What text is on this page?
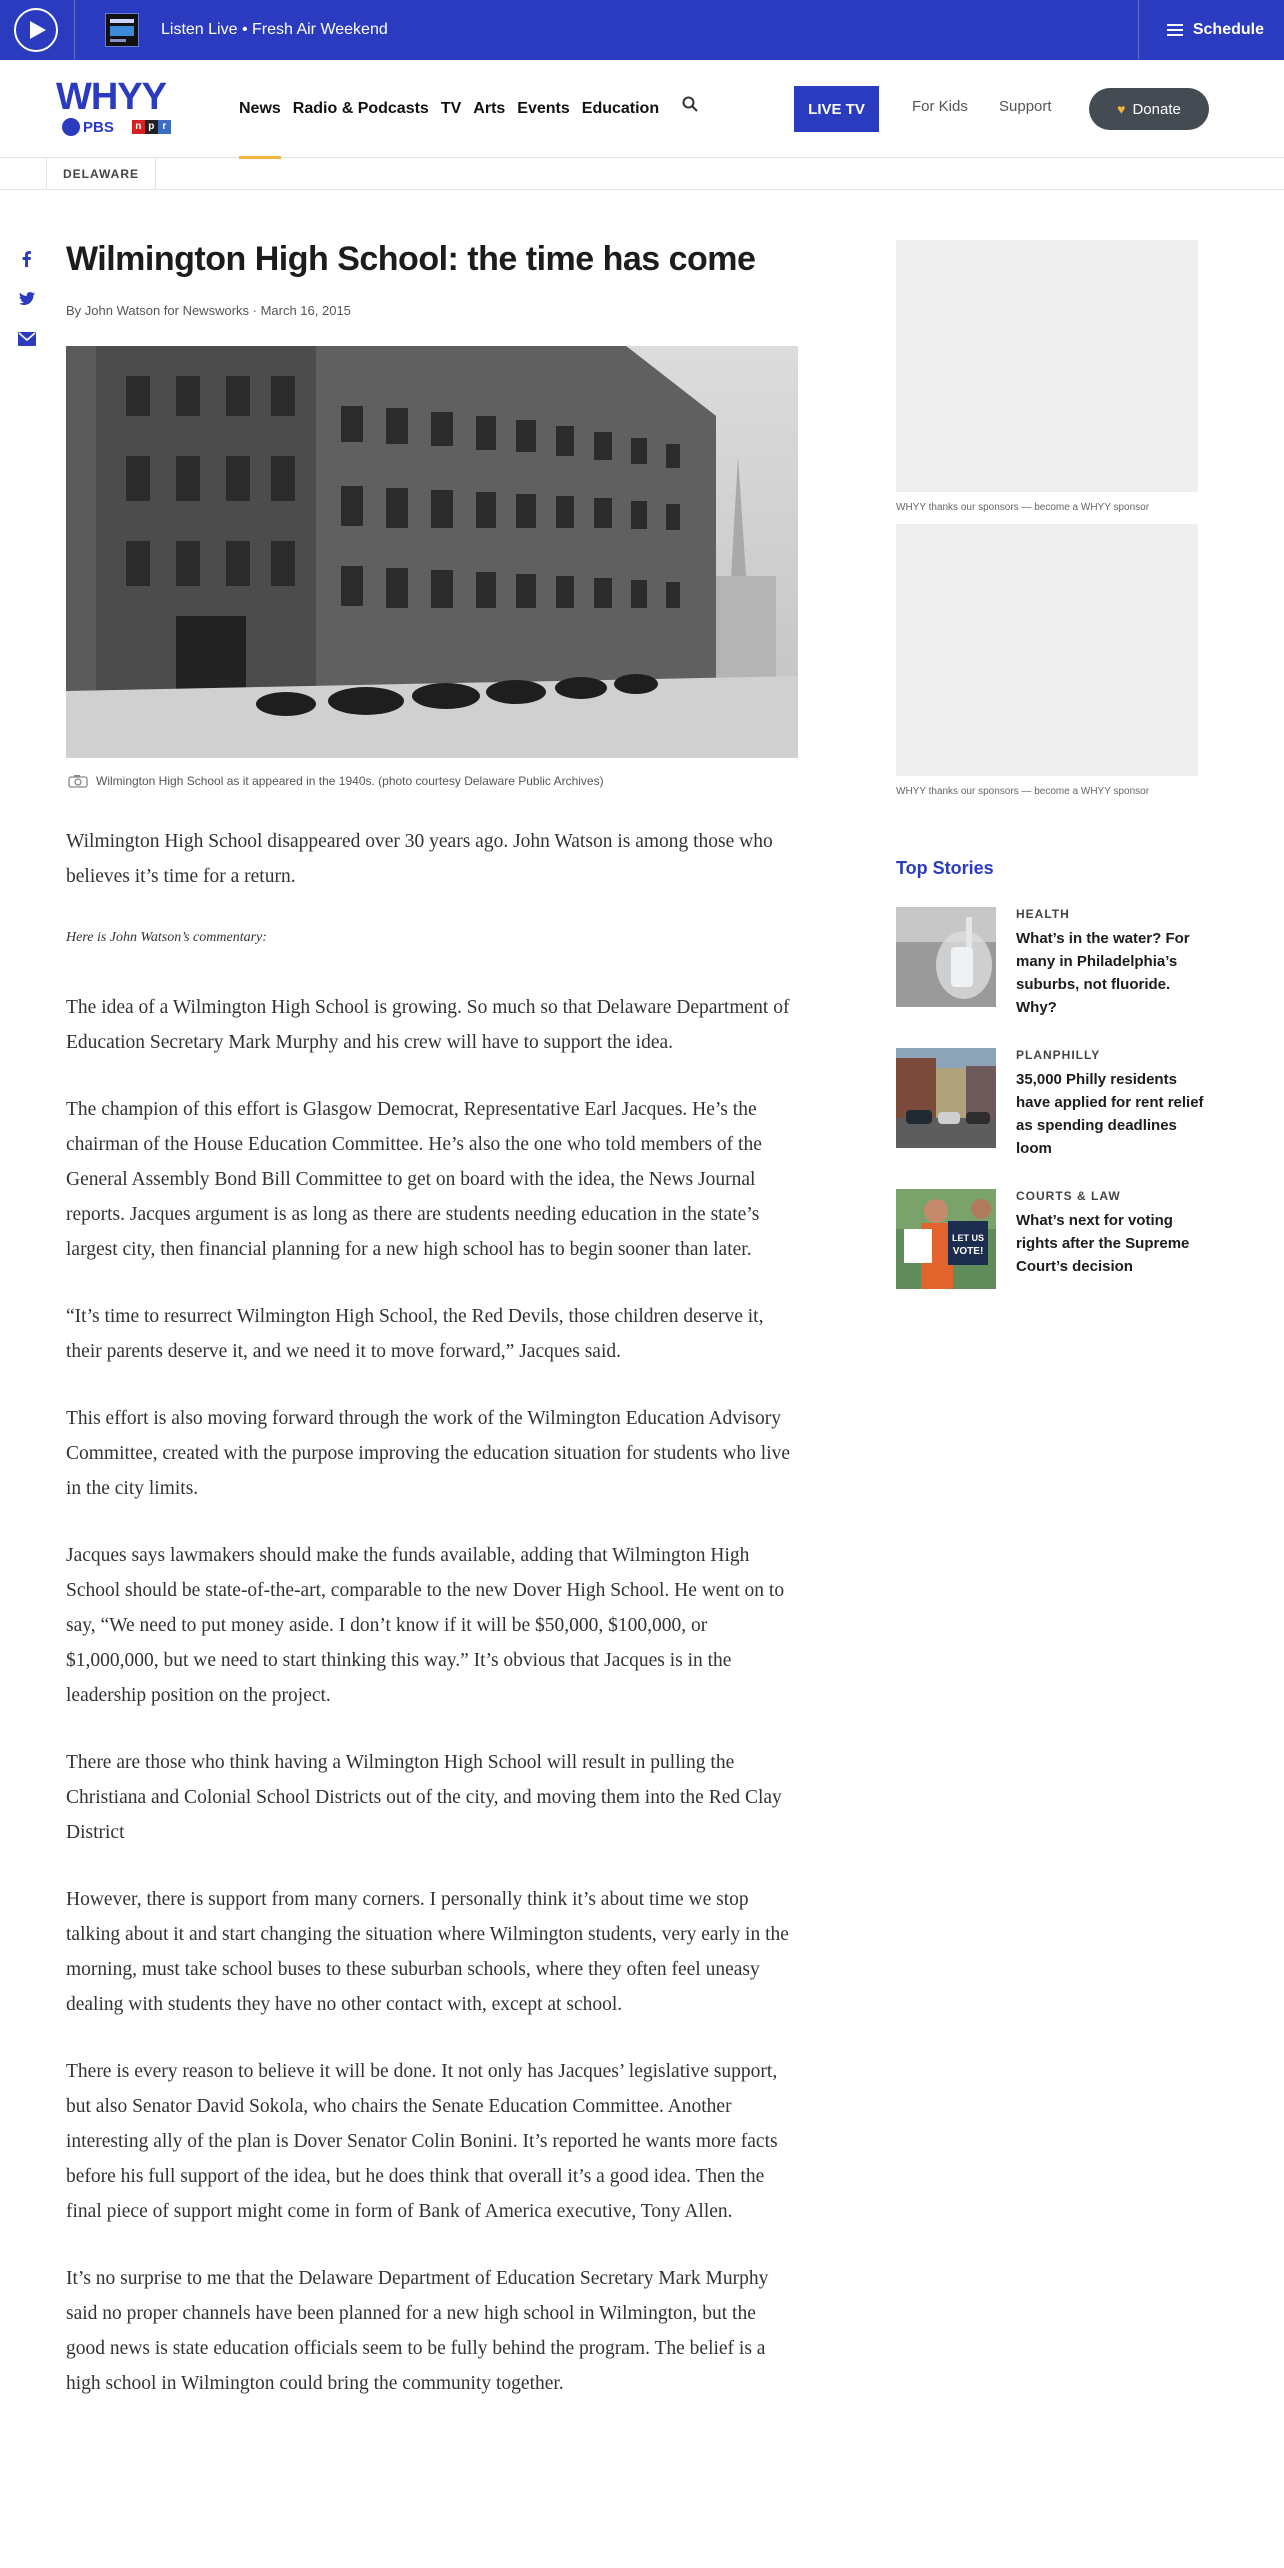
Listen Live • Fresh Air Weekend	Schedule
WHYY
PBS	n p r
News Radio & Podcasts TV Arts Events Education	LIVE TV	For Kids Support	♥ Donate
DELAWARE
Wilmington High School: the time has come
By John Watson for Newsworks · March 16, 2015
Wilmington High School as it appeared in the 1940s. (photo courtesy Delaware Public Archives)

Wilmington High School disappeared over 30 years ago. John Watson is among those who believes it’s time for a return.

Here is John Watson’s commentary:

The idea of a Wilmington High School is growing. So much so that Delaware Department of Education Secretary Mark Murphy and his crew will have to support the idea.

The champion of this effort is Glasgow Democrat, Representative Earl Jacques. He’s the chairman of the House Education Committee. He’s also the one who told members of the General Assembly Bond Bill Committee to get on board with the idea, the News Journal reports. Jacques argument is as long as there are students needing education in the state’s largest city, then financial planning for a new high school has to begin sooner than later.

“It’s time to resurrect Wilmington High School, the Red Devils, those children deserve it, their parents deserve it, and we need it to move forward,” Jacques said.

This effort is also moving forward through the work of the Wilmington Education Advisory Committee, created with the purpose improving the education situation for students who live in the city limits.

Jacques says lawmakers should make the funds available, adding that Wilmington High School should be state-of-the-art, comparable to the new Dover High School. He went on to say, “We need to put money aside. I don’t know if it will be $50,000, $100,000, or $1,000,000, but we need to start thinking this way.” It’s obvious that Jacques is in the leadership position on the project.

There are those who think having a Wilmington High School will result in pulling the Christiana and Colonial School Districts out of the city, and moving them into the Red Clay District

However, there is support from many corners. I personally think it’s about time we stop talking about it and start changing the situation where Wilmington students, very early in the morning, must take school buses to these suburban schools, where they often feel uneasy dealing with students they have no other contact with, except at school.

There is every reason to believe it will be done. It not only has Jacques’ legislative support, but also Senator David Sokola, who chairs the Senate Education Committee. Another interesting ally of the plan is Dover Senator Colin Bonini. It’s reported he wants more facts before his full support of the idea, but he does think that overall it’s a good idea. Then the final piece of support might come in form of Bank of America executive, Tony Allen.

It’s no surprise to me that the Delaware Department of Education Secretary Mark Murphy said no proper channels have been planned for a new high school in Wilmington, but the good news is state education officials seem to be fully behind the program. The belief is a high school in Wilmington could bring the community together.

WHYY thanks our sponsors — become a WHYY sponsor
WHYY thanks our sponsors — become a WHYY sponsor
Top Stories
HEALTH
What’s in the water? For many in Philadelphia’s suburbs, not fluoride. Why?
PLANPHILLY
35,000 Philly residents have applied for rent relief as spending deadlines loom
LET US
VOTE!
COURTS & LAW
What’s next for voting rights after the Supreme Court’s decision
